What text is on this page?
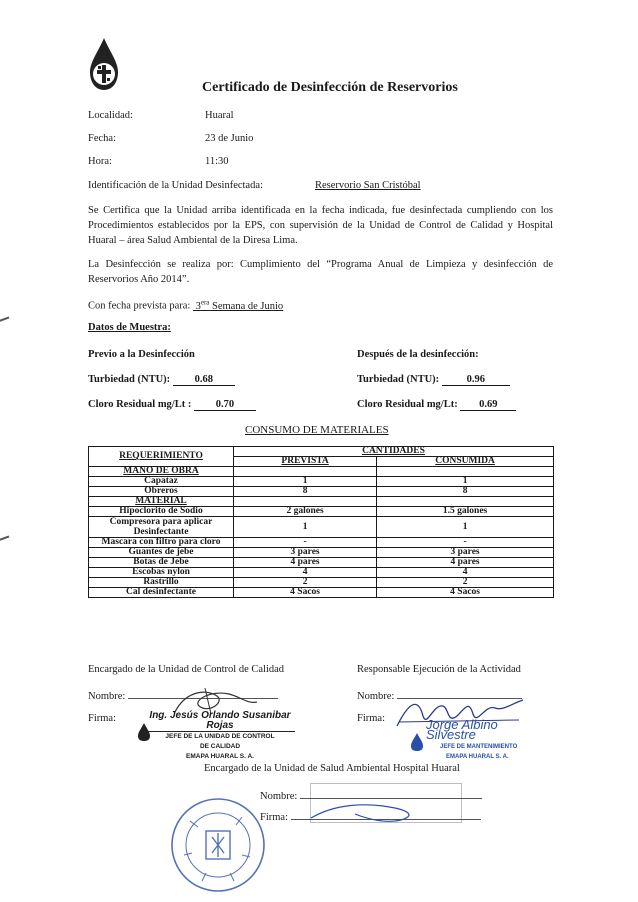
Certificado de Desinfección de Reservorios
Localidad:	Huaral
Fecha:	23 de Junio
Hora:	11:30
Identificación de la Unidad Desinfectada:	Reservorio San Cristóbal
Se Certifica que la Unidad arriba identificada en la fecha indicada, fue desinfectada cumpliendo con los Procedimientos establecidos por la EPS, con supervisión de la Unidad de Control de Calidad y Hospital Huaral – área Salud Ambiental de la Diresa Lima.
La Desinfección se realiza por: Cumplimiento del “Programa Anual de Limpieza y desinfección de Reservorios Año 2014”.
Con fecha prevista para: $3^{era}$ Semana de Junio
Datos de Muestra:
Previo a la Desinfección	Después de la desinfección:
Turbiedad (NTU): 0.68	Turbiedad (NTU):	0.96
Cloro Residual mg/Lt : 0.70	Cloro Residual mg/Lt: 0.69
CONSUMO DE MATERIALES
REQUERIMIENTO	CANTIDADES	
	PREVISTA	CONSUMIDA
MANO DE OBRA		
Capataz	1	1
Obreros	8	8
MATERIAL		
Hipoclorito de Sodio	2 galones	1.5 galones
Compresora para aplicar Desinfectante	1	1
Mascara con filtro para cloro	-	-
Guantes de jebe	3 pares	3 pares
Botas de Jebe	4 pares	4 pares
Escobas nylon	4	4
Rastrillo	2	2
Cal desinfectante	4 Sacos	4 Sacos
Encargado de la Unidad de Control de Calidad	Responsable Ejecución de la Actividad
Nombre:	Nombre:
Firma:	Firma:
Ing. Jesús Orlando Susanibar Rojas
JEFE DE LA UNIDAD DE CONTROL
DE CALIDAD
EMAPA HUARAL S. A.
Jorge Albino Silvestre
JEFE DE MANTENIMIENTO
EMAPA HUARAL S. A.
Encargado de la Unidad de Salud Ambiental Hospital Huaral
Nombre:
Firma:
